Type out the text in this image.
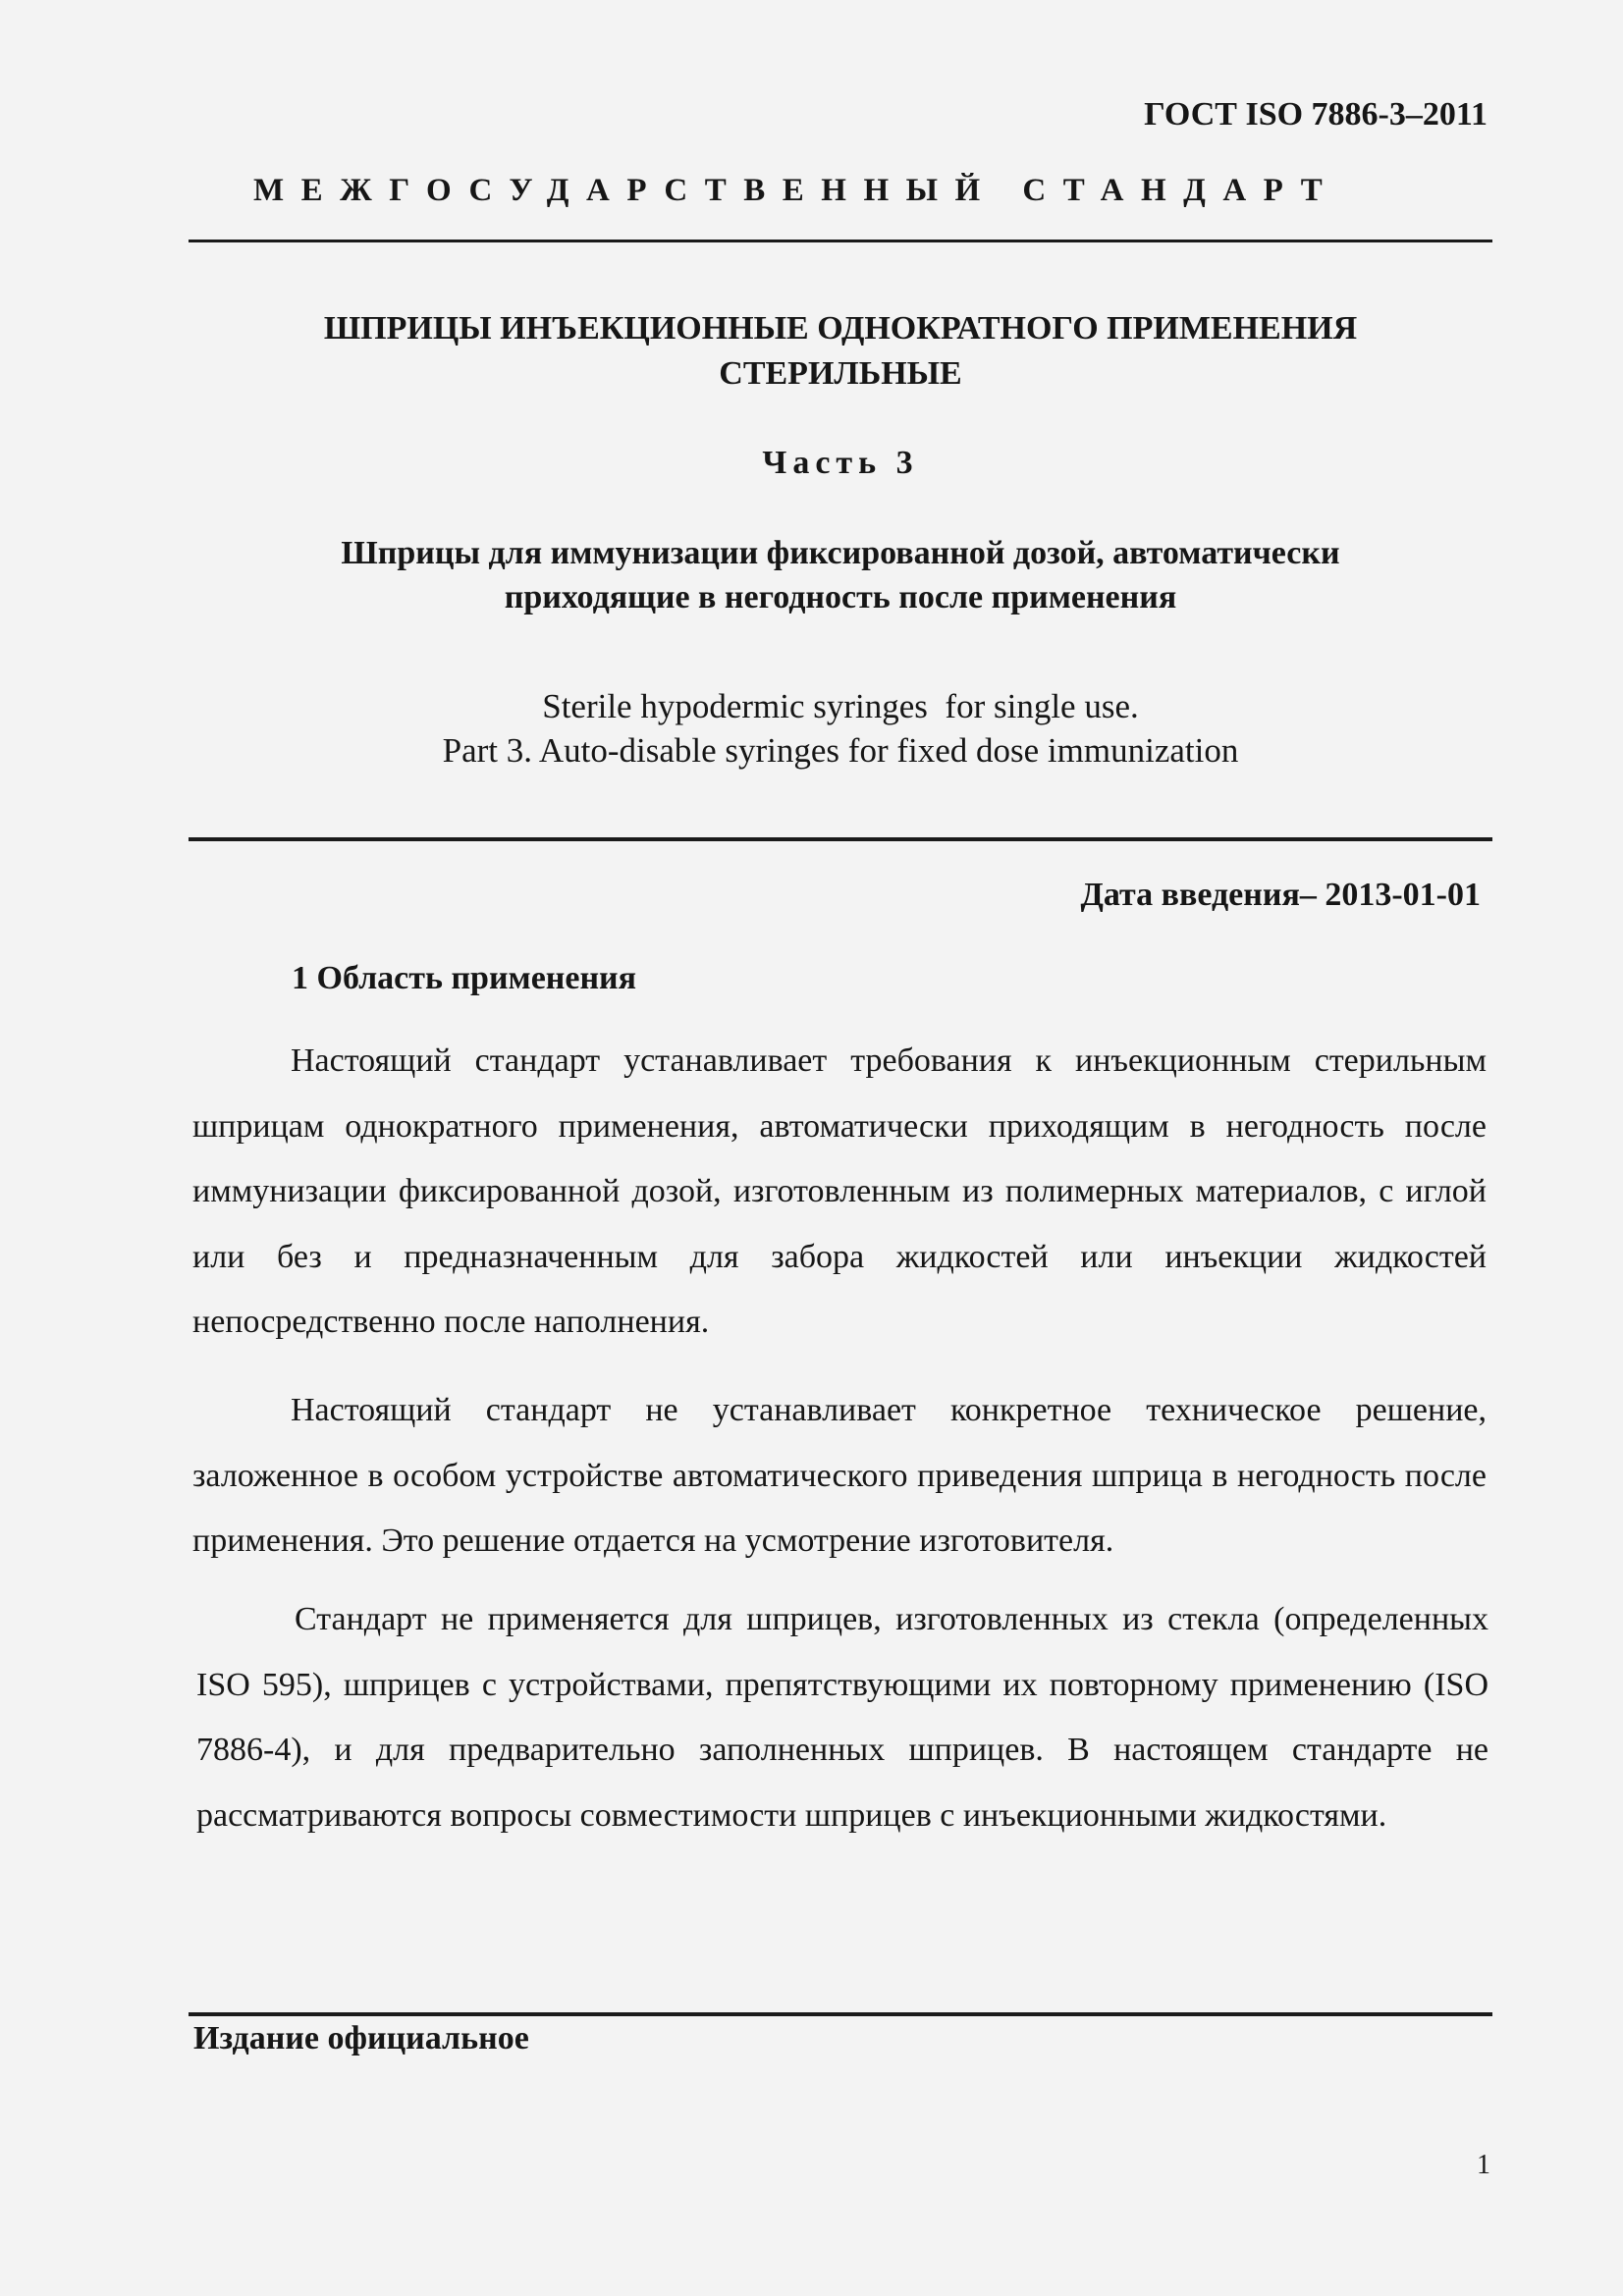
ГОСТ ISO 7886-3–2011
МЕЖГОСУДАРСТВЕННЫЙ СТАНДАРТ
ШПРИЦЫ ИНЪЕКЦИОННЫЕ ОДНОКРАТНОГО ПРИМЕНЕНИЯ
СТЕРИЛЬНЫЕ
Часть 3
Шприцы для иммунизации фиксированной дозой, автоматически
приходящие в негодность после применения
Sterile hypodermic syringes  for single use.
Part 3. Auto-disable syringes for fixed dose immunization
Дата введения– 2013-01-01
1 Область применения

Настоящий стандарт устанавливает требования к инъекционным стерильным шприцам однократного применения, автоматически приходящим в негодность после иммунизации фиксированной дозой, изготовленным из полимерных материалов, с иглой или без и предназначенным для забора жидкостей или инъекции жидкостей непосредственно после наполнения.

Настоящий стандарт не устанавливает конкретное техническое решение, заложенное в особом устройстве автоматического приведения шприца в негодность после применения. Это решение отдается на усмотрение изготовителя.

Стандарт не применяется для шприцев, изготовленных из стекла (определенных ISO 595), шприцев с устройствами, препятствующими их повторному применению (ISO 7886-4), и для предварительно заполненных шприцев. В настоящем стандарте не рассматриваются вопросы совместимости шприцев с инъекционными жидкостями.

Издание официальное
1
